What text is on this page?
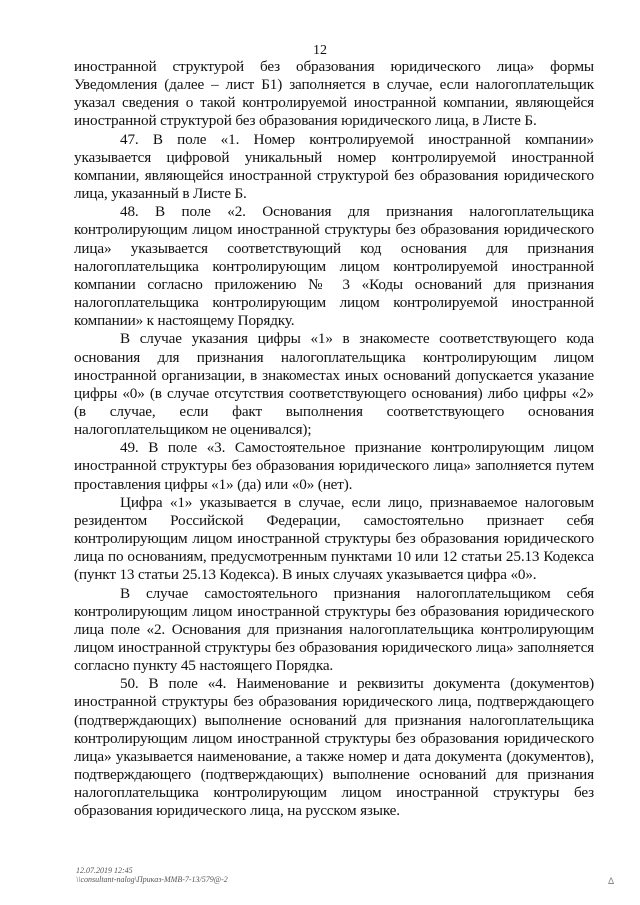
12

иностранной структурой без образования юридического лица» формы Уведомления (далее – лист Б1) заполняется в случае, если налогоплательщик указал сведения о такой контролируемой иностранной компании, являющейся иностранной структурой без образования юридического лица, в Листе Б.

47. В поле «1. Номер контролируемой иностранной компании» указывается цифровой уникальный номер контролируемой иностранной компании, являющейся иностранной структурой без образования юридического лица, указанный в Листе Б.

48. В поле «2. Основания для признания налогоплательщика контролирующим лицом иностранной структуры без образования юридического лица» указывается соответствующий код основания для признания налогоплательщика контролирующим лицом контролируемой иностранной компании согласно приложению № 3 «Коды оснований для признания налогоплательщика контролирующим лицом контролируемой иностранной компании» к настоящему Порядку.

В случае указания цифры «1» в знакоместе соответствующего кода основания для признания налогоплательщика контролирующим лицом иностранной организации, в знакоместах иных оснований допускается указание цифры «0» (в случае отсутствия соответствующего основания) либо цифры «2» (в случае, если факт выполнения соответствующего основания налогоплательщиком не оценивался);

49. В поле «3. Самостоятельное признание контролирующим лицом иностранной структуры без образования юридического лица» заполняется путем проставления цифры «1» (да) или «0» (нет).

Цифра «1» указывается в случае, если лицо, признаваемое налоговым резидентом Российской Федерации, самостоятельно признает себя контролирующим лицом иностранной структуры без образования юридического лица по основаниям, предусмотренным пунктами 10 или 12 статьи 25.13 Кодекса (пункт 13 статьи 25.13 Кодекса). В иных случаях указывается цифра «0».

В случае самостоятельного признания налогоплательщиком себя контролирующим лицом иностранной структуры без образования юридического лица поле «2. Основания для признания налогоплательщика контролирующим лицом иностранной структуры без образования юридического лица» заполняется согласно пункту 45 настоящего Порядка.

50. В поле «4. Наименование и реквизиты документа (документов) иностранной структуры без образования юридического лица, подтверждающего (подтверждающих) выполнение оснований для признания налогоплательщика контролирующим лицом иностранной структуры без образования юридического лица» указывается наименование, а также номер и дата документа (документов), подтверждающего (подтверждающих) выполнение оснований для признания налогоплательщика контролирующим лицом иностранной структуры без образования юридического лица, на русском языке.

12.07.2019 12:45
\\consultant-nalog\Приказ-MMB-7-13/579@-2	ᐃ
